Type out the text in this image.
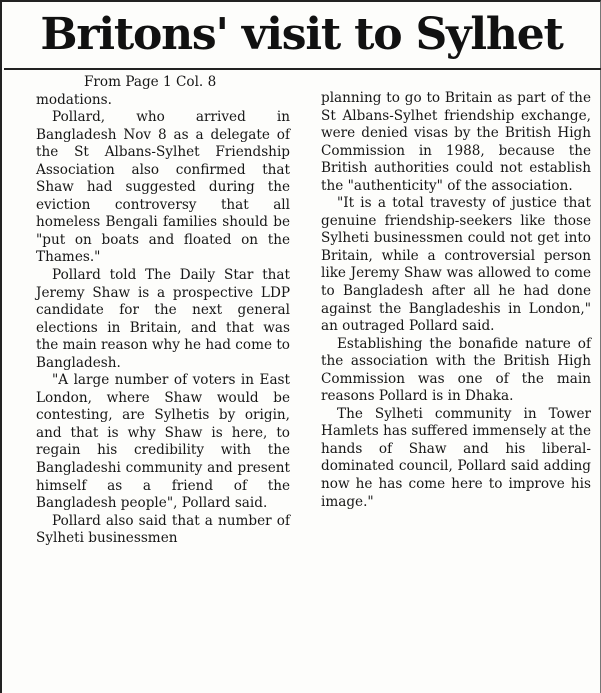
Britons' visit to Sylhet
From Page 1 Col. 8

modations.

Pollard, who arrived in Bangladesh Nov 8 as a delegate of the St Albans-Sylhet Friendship Association also confirmed that Shaw had suggested during the eviction controversy that all homeless Bengali families should be "put on boats and floated on the Thames."

Pollard told The Daily Star that Jeremy Shaw is a prospective LDP candidate for the next general elections in Britain, and that was the main reason why he had come to Bangladesh.

"A large number of voters in East London, where Shaw would be contesting, are Sylhetis by origin, and that is why Shaw is here, to regain his credibility with the Bangladeshi community and present himself as a friend of the Bangladesh people", Pollard said.

Pollard also said that a number of Sylheti businessmen

planning to go to Britain as part of the St Albans-Sylhet friendship exchange, were denied visas by the British High Commission in 1988, because the British authorities could not establish the "authenticity" of the association.

"It is a total travesty of justice that genuine friendship-seekers like those Sylheti businessmen could not get into Britain, while a controversial person like Jeremy Shaw was allowed to come to Bangladesh after all he had done against the Bangladeshis in London," an outraged Pollard said.

Establishing the bonafide nature of the association with the British High Commission was one of the main reasons Pollard is in Dhaka.

The Sylheti community in Tower Hamlets has suffered immensely at the hands of Shaw and his liberal-dominated council, Pollard said adding now he has come here to improve his image."
